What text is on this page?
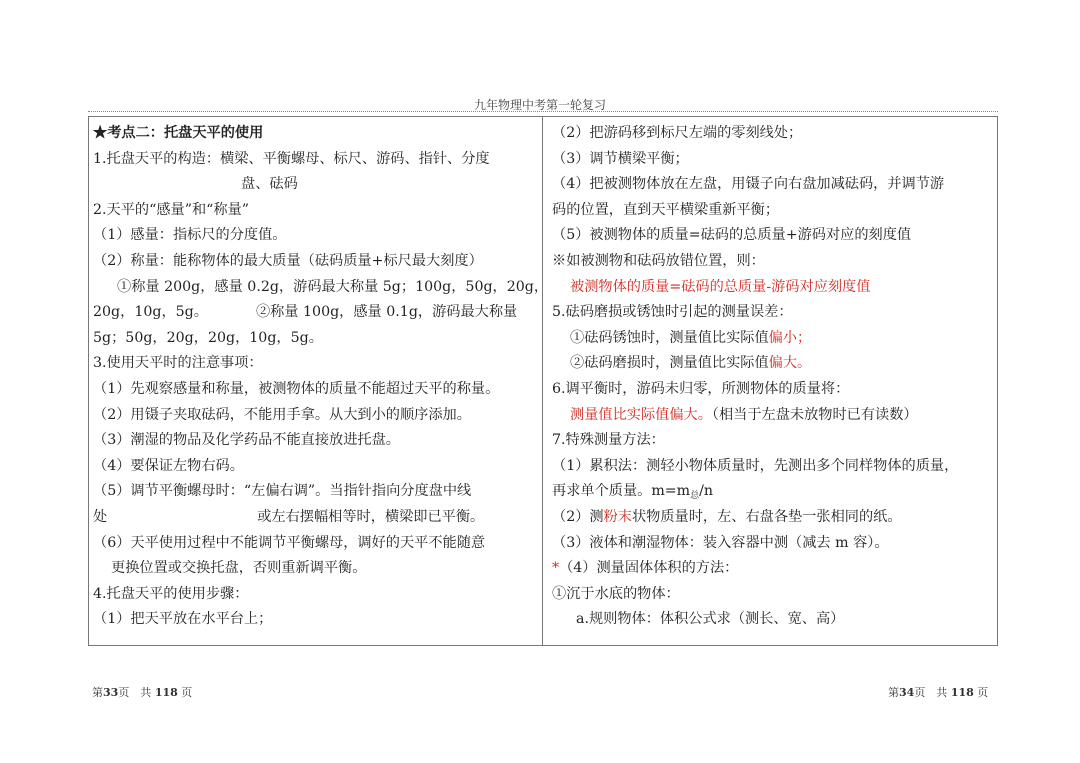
九年物理中考第一轮复习
★考点二：托盘天平的使用
1.托盘天平的构造：横梁、平衡螺母、标尺、游码、指针、分度
盘、砝码
2.天平的“感量”和“称量”
（1）感量：指标尺的分度值。
（2）称量：能称物体的最大质量（砝码质量+标尺最大刻度）
①称量 200g，感量 0.2g，游码最大称量 5g；100g，50g，20g，
20g，10g，5g。	②称量 100g，感量 0.1g，游码最大称量
5g；50g，20g，20g，10g，5g。
3.使用天平时的注意事项：
（1）先观察感量和称量，被测物体的质量不能超过天平的称量。
（2）用镊子夹取砝码，不能用手拿。从大到小的顺序添加。
（3）潮湿的物品及化学药品不能直接放进托盘。
（4）要保证左物右码。
（5）调节平衡螺母时：“左偏右调”。当指针指向分度盘中线
处	或左右摆幅相等时，横梁即已平衡。
（6）天平使用过程中不能调节平衡螺母，调好的天平不能随意
更换位置或交换托盘，否则重新调平衡。
4.托盘天平的使用步骤：
（1）把天平放在水平台上；
（2）把游码移到标尺左端的零刻线处；
（3）调节横梁平衡；
（4）把被测物体放在左盘，用镊子向右盘加减砝码，并调节游
码的位置，直到天平横梁重新平衡；
（5）被测物体的质量=砝码的总质量+游码对应的刻度值
※如被测物和砝码放错位置，则：
被测物体的质量=砝码的总质量-游码对应刻度值
5.砝码磨损或锈蚀时引起的测量误差：
①砝码锈蚀时，测量值比实际值偏小；
②砝码磨损时，测量值比实际值偏大。
6.调平衡时，游码未归零，所测物体的质量将：
测量值比实际值偏大。（相当于左盘未放物时已有读数）
7.特殊测量方法：
（1）累积法：测轻小物体质量时，先测出多个同样物体的质量，
再求单个质量。$m=m_总/n$
（2）测粉末状物质量时，左、右盘各垫一张相同的纸。
（3）液体和潮湿物体：装入容器中测（减去 m 容）。
*（4）测量固体体积的方法：
①沉于水底的物体：
a.规则物体：体积公式求（测长、宽、高）
第33页　共 118 页	第34页　共 118 页
